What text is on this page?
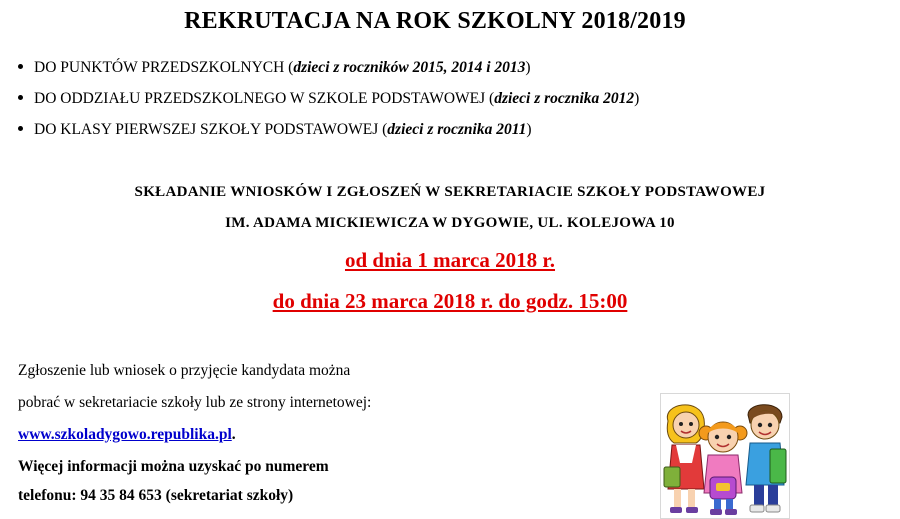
REKRUTACJA NA ROK SZKOLNY 2018/2019
DO PUNKTÓW PRZEDSZKOLNYCH (dzieci z roczników 2015, 2014 i 2013)
DO ODDZIAŁU PRZEDSZKOLNEGO W SZKOLE PODSTAWOWEJ (dzieci z rocznika 2012)
DO KLASY PIERWSZEJ SZKOŁY PODSTAWOWEJ (dzieci z rocznika 2011)
SKŁADANIE WNIOSKÓW I ZGŁOSZEŃ W SEKRETARIACIE SZKOŁY PODSTAWOWEJ
IM. ADAMA MICKIEWICZA W DYGOWIE, UL. KOLEJOWA 10
od dnia 1 marca 2018 r.
do dnia 23 marca 2018 r. do godz. 15:00
Zgłoszenie lub wniosek o przyjęcie kandydata można
pobrać w sekretariacie szkoły lub ze strony internetowej:
www.szkoladygowo.republika.pl.
Więcej informacji można uzyskać po numerem
telefonu: 94 35 84 653 (sekretariat szkoły)
